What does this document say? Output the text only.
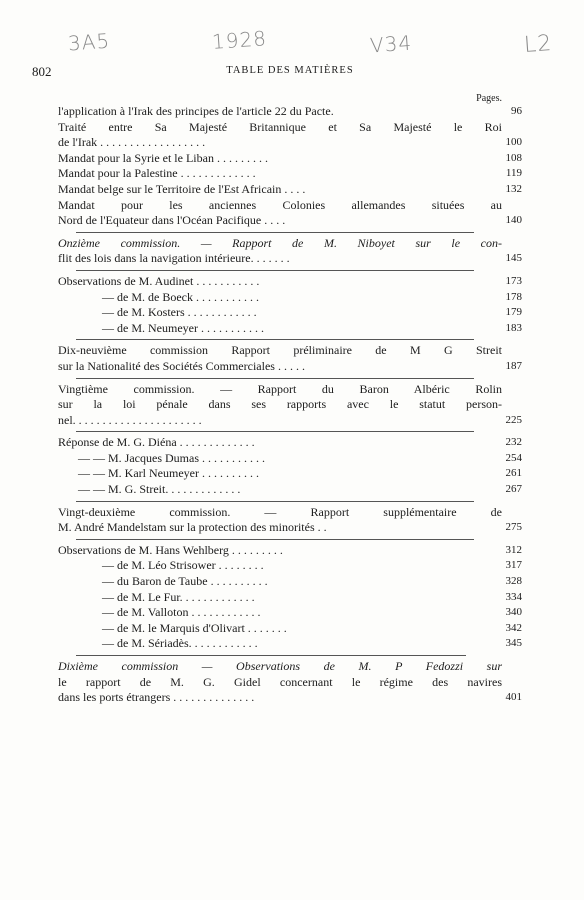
3A5	1928	V34	L2
802	TABLE DES MATIÈRES
Pages.
l'application à l'Irak des principes de l'article 22 du Pacte.	96
Traité entre Sa Majesté Britannique et Sa Majesté le Roi
de l'Irak . . . . . . . . . . . . . . . . . .	100
Mandat pour la Syrie et le Liban . . . . . . . . .	108
Mandat pour la Palestine . . . . . . . . . . . . .	119
Mandat belge sur le Territoire de l'Est Africain . . . .	132
Mandat pour les anciennes Colonies allemandes situées au
Nord de l'Equateur dans l'Océan Pacifique . . . .	140
Onzième commission. — Rapport de M. Niboyet sur le con-
flit des lois dans la navigation intérieure. . . . . . .	145
Observations de M. Audinet . . . . . . . . . . .	173
— de M. de Boeck . . . . . . . . . . .	178
— de M. Kosters . . . . . . . . . . . .	179
— de M. Neumeyer . . . . . . . . . . .	183
Dix-neuvième commission Rapport préliminaire de M G Streit
sur la Nationalité des Sociétés Commerciales . . . . .	187
Vingtième commission. — Rapport du Baron Albéric Rolin
sur la loi pénale dans ses rapports avec le statut person-
nel. . . . . . . . . . . . . . . . . . . . . .	225
Réponse de M. G. Diéna . . . . . . . . . . . . .	232
— — M. Jacques Dumas . . . . . . . . . . .	254
— — M. Karl Neumeyer . . . . . . . . . .	261
— — M. G. Streit. . . . . . . . . . . . .	267
Vingt-deuxième commission. — Rapport supplémentaire de
M. André Mandelstam sur la protection des minorités . .	275
Observations de M. Hans Wehlberg . . . . . . . . .	312
— de M. Léo Strisower . . . . . . . .	317
— du Baron de Taube . . . . . . . . . .	328
— de M. Le Fur. . . . . . . . . . . . .	334
— de M. Valloton . . . . . . . . . . . .	340
— de M. le Marquis d'Olivart . . . . . . .	342
— de M. Sériadès. . . . . . . . . . . .	345
Dixième commission — Observations de M. P Fedozzi sur
le rapport de M. G. Gidel concernant le régime des navires
dans les ports étrangers . . . . . . . . . . . . . .	401
